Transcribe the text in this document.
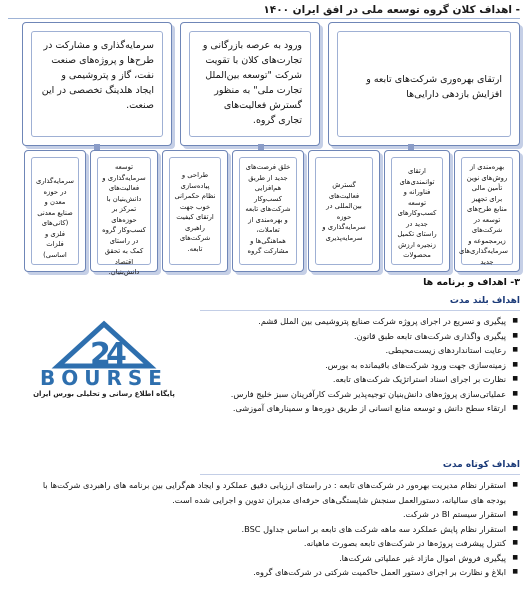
- اهداف کلان گروه توسعه ملی در افق ایران ۱۴۰۰
ارتقای بهره‌وری شرکت‌های تابعه و افزایش بازدهی دارایی‌ها
ورود به عرصه بازرگانی و تجارت‌های کلان با تقویت شرکت "توسعه بین‌الملل تجارت ملی" به منظور گسترش فعالیت‌های تجاری گروه.
سرمایه‌گذاری و مشارکت در طرح‌ها و پروژه‌های صنعت نفت، گاز و پتروشیمی و ایجاد هلدینگ تخصصی در این صنعت.
بهره‌مندی از روش‌های نوین تأمین مالی برای تجهیز منابع طرح‌های توسعه در شرکت‌های زیرمجموعه و سرمایه‌گذاری‌های جدید
ارتقای توانمندی‌های فناورانه و توسعه کسب‌وکارهای جدید در راستای تکمیل زنجیره ارزش محصولات
گسترش فعالیت‌های بین‌المللی در حوزه سرمایه‌گذاری و سرمایه‌پذیری
خلق فرصت‌های جدید از طریق هم‌افزایی کسب‌وکار شرکت‌های تابعه و بهره‌مندی از تعاملات، هماهنگی‌ها و مشارکت گروه
طراحی و پیاده‌سازی نظام حکمرانی خوب جهت ارتقای کیفیت راهبری شرکت‌های تابعه.
توسعه سرمایه‌گذاری و فعالیت‌های دانش‌بنیان با تمرکز بر حوزه‌های کسب‌وکار گروه در راستای کمک به تحقق اقتصاد دانش‌بنیان.
سرمایه‌گذاری در حوزه معدن و صنایع معدنی (کانی‌های فلزی و فلزات اساسی)
۳- اهداف و برنامه ها
اهداف بلند مدت
2
4
BOURSE
پایگاه اطلاع رسانی و تحلیلی بورس ایران
■ پیگیری و تسریع در اجرای پروژه شرکت صنایع پتروشیمی بین الملل قشم.
■ پیگیری واگذاری شرکت‌های تابعه طبق قانون.
■ رعایت استانداردهای زیست‌محیطی.
■ زمینه‌سازی جهت ورود شرکت‌های باقیمانده به بورس.
■ نظارت بر اجرای اسناد استراتژیک شرکت‌های تابعه.
■ عملیاتی‌سازی پروژه‌های دانش‌بنیان توجیه‌پذیر شرکت کارآفرینان سبز خلیج فارس.
■ ارتقاء سطح دانش و توسعه منابع انسانی از طریق دوره‌ها و سمینارهای آموزشی.
اهداف کوتاه مدت
■ استقرار نظام مدیریت بهره‌ور در شرکت‌های تابعه : در راستای ارزیابی دقیق عملکرد و ایجاد هم‌گرایی بین برنامه های راهبردی شرکت‌ها با بودجه های سالیانه، دستورالعمل سنجش شایستگی‌های حرفه‌ای مدیران تدوین و اجرایی شده است.
■ استقرار سیستم BI در شرکت.
■ استقرار نظام پایش عملکرد سه ماهه شرکت های تابعه بر اساس جداول BSC.
■ کنترل پیشرفت پروژه‌ها در شرکت‌های تابعه بصورت ماهیانه.
■ پیگیری فروش اموال مازاد غیر عملیاتی شرکت‌ها.
■ ابلاغ و نظارت بر اجرای دستور العمل حاکمیت شرکتی در شرکت‌های گروه.
